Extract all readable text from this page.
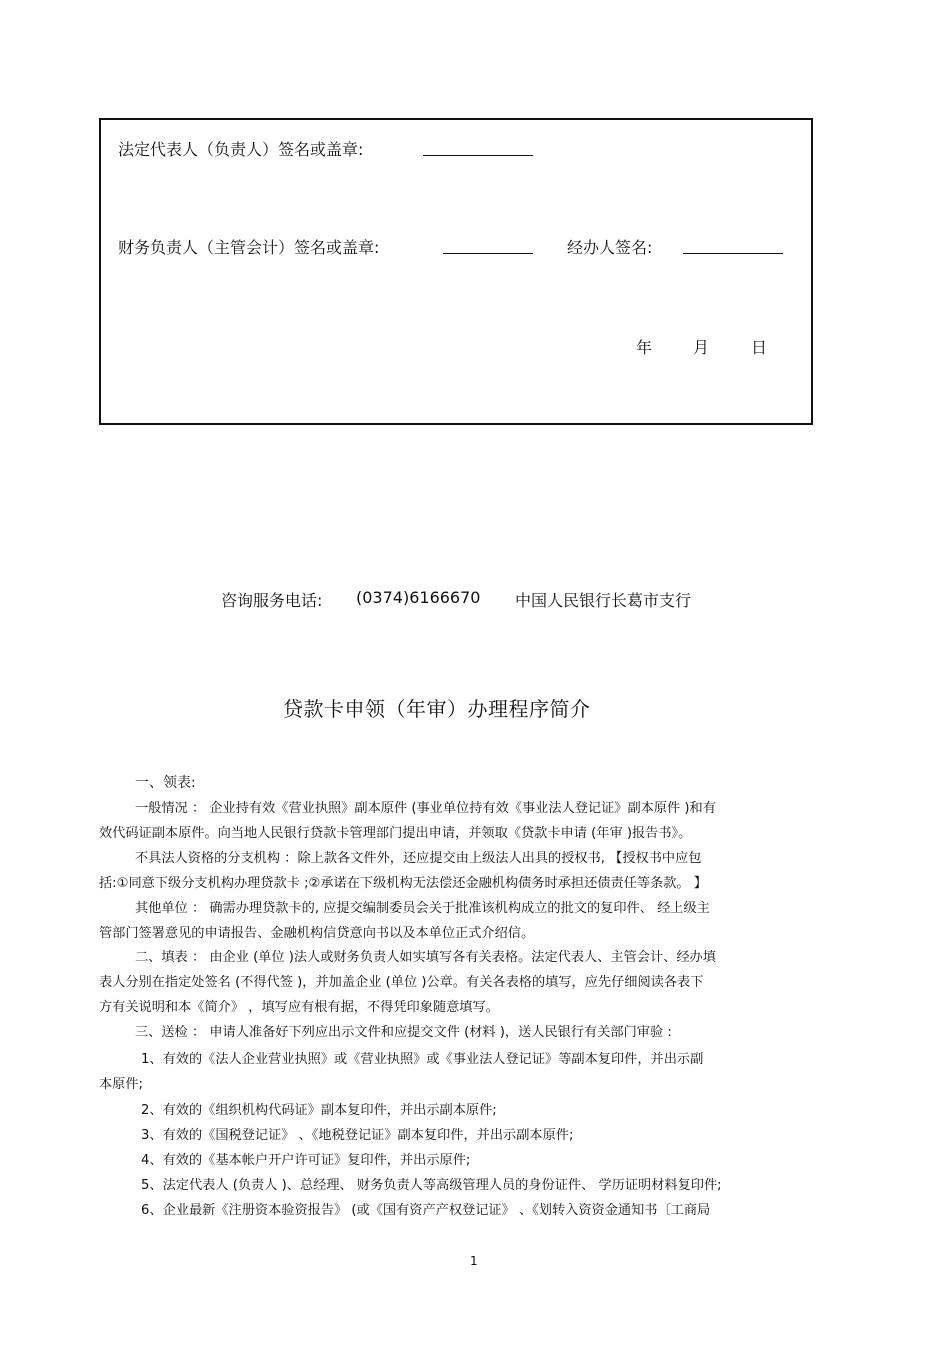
法定代表人（负责人）签名或盖章:
财务负责人（主管会计）签名或盖章:	经办人签名:
年	月	日
咨询服务电话: (0374)6166670 中国人民银行长葛市支行
贷款卡申领（年审）办理程序简介
一、领表:
一般情况 ： 企业持有效《营业执照》副本原件 (事业单位持有效《事业法人登记证》副本原件 )和有
效代码证副本原件。向当地人民银行贷款卡管理部门提出申请，并领取《贷款卡申请 (年审 )报告书》。
不具法人资格的分支机构 ：除上款各文件外，还应提交由上级法人出具的授权书, 【授权书中应包
括:①同意下级分支机构办理贷款卡 ;②承诺在下级机构无法偿还金融机构债务时承担还债责任等条款。 】
其他单位 ： 确需办理贷款卡的, 应提交编制委员会关于批准该机构成立的批文的复印件、 经上级主
管部门签署意见的申请报告、金融机构信贷意向书以及本单位正式介绍信。
二、填表 ： 由企业 (单位 )法人或财务负责人如实填写各有关表格。法定代表人、主管会计、经办填
表人分别在指定处签名 (不得代签 )，并加盖企业 (单位 )公章。有关各表格的填写，应先仔细阅读各表下
方有关说明和本《简介》 ，填写应有根有据，不得凭印象随意填写。
三、送检 ： 申请人准备好下列应出示文件和应提交文件 (材料 )，送人民银行有关部门审验 :
1、有效的《法人企业营业执照》或《营业执照》或《事业法人登记证》等副本复印件，并出示副
本原件;
2、有效的《组织机构代码证》副本复印件，并出示副本原件;
3、有效的《国税登记证》 、《地税登记证》副本复印件，并出示副本原件;
4、有效的《基本帐户开户许可证》复印件，并出示原件;
5、法定代表人 (负责人 )、总经理、 财务负责人等高级管理人员的身份证件、 学历证明材料复印件;
6、企业最新《注册资本验资报告》 (或《国有资产产权登记证》 、《划转入资资金通知书〔工商局
1
